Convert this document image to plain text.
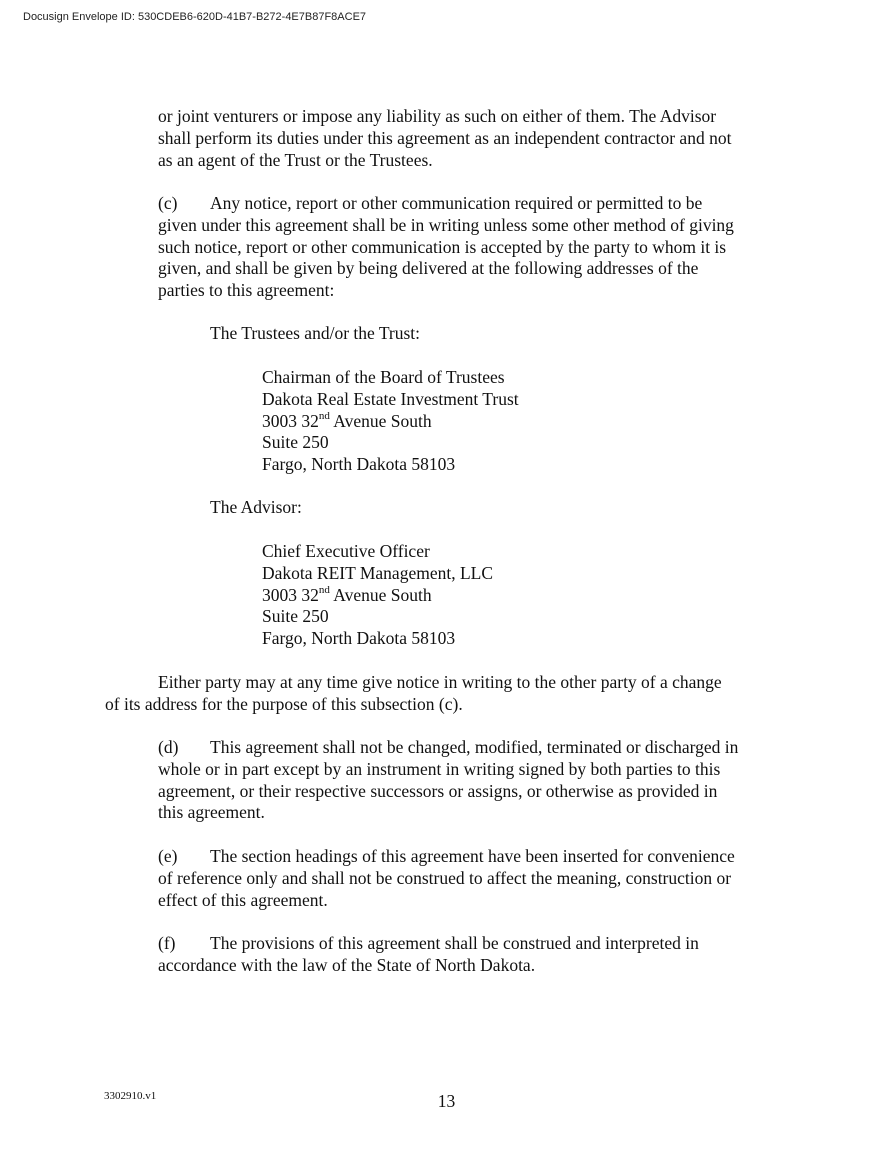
Docusign Envelope ID: 530CDEB6-620D-41B7-B272-4E7B87F8ACE7
or joint venturers or impose any liability as such on either of them. The Advisor
shall perform its duties under this agreement as an independent contractor and not
as an agent of the Trust or the Trustees.
(c) Any notice, report or other communication required or permitted to be
given under this agreement shall be in writing unless some other method of giving
such notice, report or other communication is accepted by the party to whom it is
given, and shall be given by being delivered at the following addresses of the
parties to this agreement:
The Trustees and/or the Trust:
Chairman of the Board of Trustees
Dakota Real Estate Investment Trust
3003 32nd Avenue South
Suite 250
Fargo, North Dakota 58103
The Advisor:
Chief Executive Officer
Dakota REIT Management, LLC
3003 32nd Avenue South
Suite 250
Fargo, North Dakota 58103
Either party may at any time give notice in writing to the other party of a change
of its address for the purpose of this subsection (c).
(d) This agreement shall not be changed, modified, terminated or discharged in
whole or in part except by an instrument in writing signed by both parties to this
agreement, or their respective successors or assigns, or otherwise as provided in
this agreement.
(e) The section headings of this agreement have been inserted for convenience
of reference only and shall not be construed to affect the meaning, construction or
effect of this agreement.
(f) The provisions of this agreement shall be construed and interpreted in
accordance with the law of the State of North Dakota.
3302910.v1	13
